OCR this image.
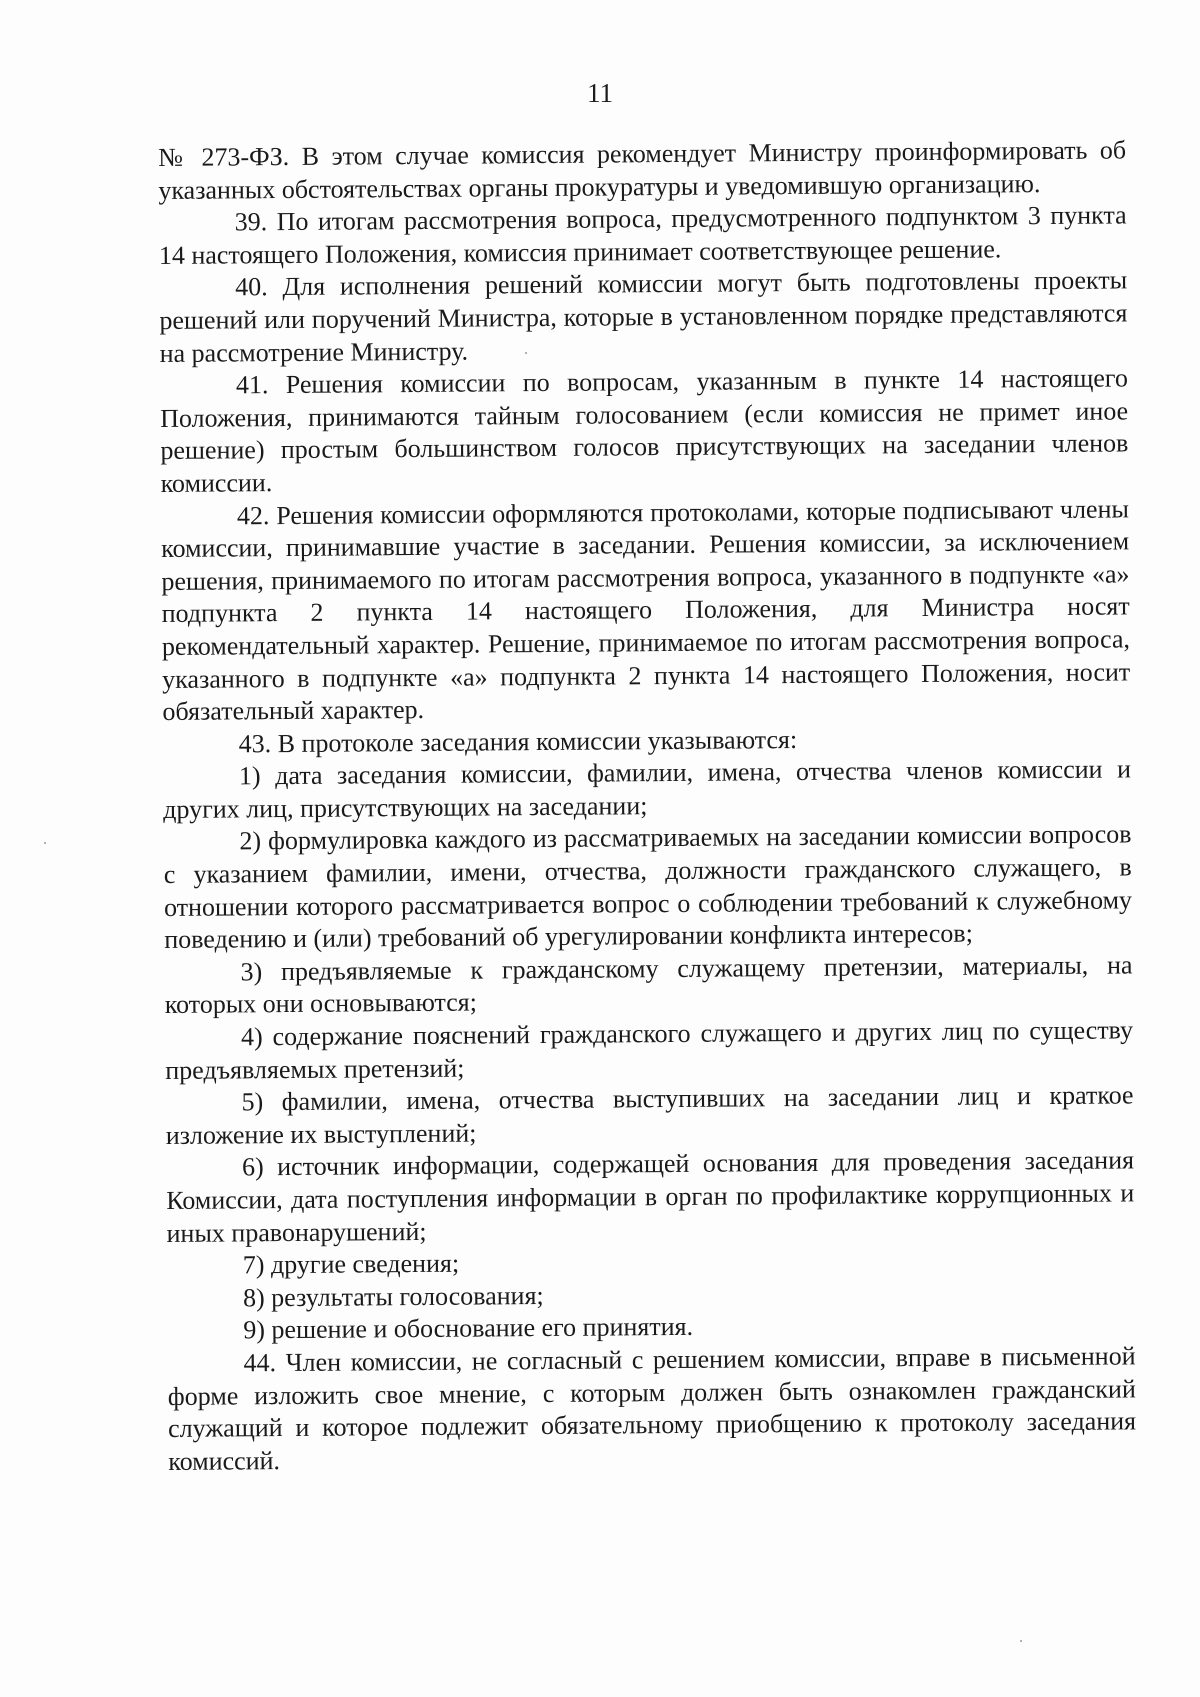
11

№ 273-ФЗ. В этом случае комиссия рекомендует Министру проинформировать об указанных обстоятельствах органы прокуратуры и уведомившую организацию.

39. По итогам рассмотрения вопроса, предусмотренного подпунктом 3 пункта 14 настоящего Положения, комиссия принимает соответствующее решение.

40. Для исполнения решений комиссии могут быть подготовлены проекты решений или поручений Министра, которые в установленном порядке представляются на рассмотрение Министру.

41. Решения комиссии по вопросам, указанным в пункте 14 настоящего Положения, принимаются тайным голосованием (если комиссия не примет иное решение) простым большинством голосов присутствующих на заседании членов комиссии.

42. Решения комиссии оформляются протоколами, которые подписывают члены комиссии, принимавшие участие в заседании. Решения комиссии, за исключением решения, принимаемого по итогам рассмотрения вопроса, указанного в подпункте «а» подпункта 2 пункта 14 настоящего Положения, для Министра носят рекомендательный характер. Решение, принимаемое по итогам рассмотрения вопроса, указанного в подпункте «а» подпункта 2 пункта 14 настоящего Положения, носит обязательный характер.

43. В протоколе заседания комиссии указываются:

1) дата заседания комиссии, фамилии, имена, отчества членов комиссии и других лиц, присутствующих на заседании;

2) формулировка каждого из рассматриваемых на заседании комиссии вопросов с указанием фамилии, имени, отчества, должности гражданского служащего, в отношении которого рассматривается вопрос о соблюдении требований к служебному поведению и (или) требований об урегулировании конфликта интересов;

3) предъявляемые к гражданскому служащему претензии, материалы, на которых они основываются;

4) содержание пояснений гражданского служащего и других лиц по существу предъявляемых претензий;

5) фамилии, имена, отчества выступивших на заседании лиц и краткое изложение их выступлений;

6) источник информации, содержащей основания для проведения заседания Комиссии, дата поступления информации в орган по профилактике коррупционных и иных правонарушений;

7) другие сведения;

8) результаты голосования;

9) решение и обоснование его принятия.

44. Член комиссии, не согласный с решением комиссии, вправе в письменной форме изложить свое мнение, с которым должен быть ознакомлен гражданский служащий и которое подлежит обязательному приобщению к протоколу заседания комиссий.
